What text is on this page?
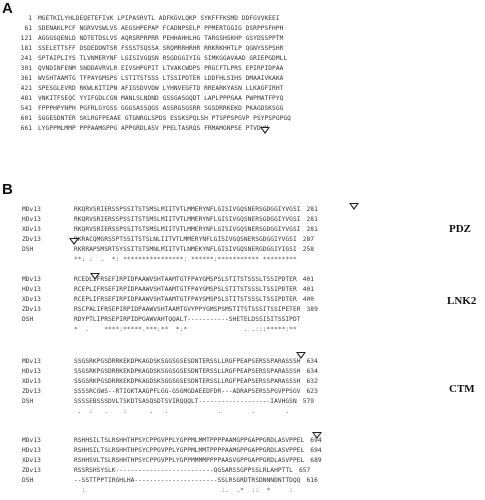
A
1 MGETKILYHLDEQETEFIVK LPIPASRVTL ADFKGVLQKP SYKFFFKSMD DDFGVVKEEI
61 SDENAKLPCF NGRVVSWLVS AEGSHPEPAP FCADNPSELP PPMERTGGIG DSRPPSFHPH
121 AGGGSQENLD NDTETDSLVS AQRSRPRPRR PEHHAHHLHG TARGSHSKHP GSYDSSPPTM
181 SSELETTSFF DSDEDDNTSR FSSSTSQSSA SRQMRRHRHR RRKRKHHTLP QGNYSSPSHR
241 SPTAIPLIYS TLVNMERYNF LGISIVGQSN RSGDGGIYIG SIMKGGAVAAD GRIEPGDMLL
301 QVNDINFENM SNDDAVRVLR EIVSHPGPIT LTVAKCWDPS PRGCFTLPRS EPIRPIDPAA
361 WVSHTAAMTG TFPAYGMSPS LSTITSTSSS LTSSIPDTER LDDFHLSIHS DMAAIVKAKA
421 SPESGLEVRD RKWLKITIPN AFIGSDVVDW LYHNVEGFTD RREARKYASN LLKAGFIRHT
481 VNKITFSEQC YYIFGDLCGN MANLSLNDND GSSGASGQDT LAPLPPPGAA PWPMATFPYQ
541 FPPPHPYNPH PGFRLGYGSS GGGSASSQGS ASSRGSGSRR SGSDRRKEKD PKAGDSKSGG
601 SGGESDNTER SKLRGFPEAAE GTGNRGLSPDS ESSKSPQLSH PTSPPSPGVP PSYPSPGPGQ
661 LYGPPMLMMP PPPAAMGPPG APPGRDLASV PPELTASRQS FRMAMGNPSE PTVDVM
B
MDv13	RKQRVSRIERSSPSSITSTSMSLMIITVTLMMERYNFLGISIVGQSNERSGDGGIYVGSI 281
HDv13	RKQRVSRIERSSPSSITSTSMSLMIITVTLMMERYNFLGISIVGQSNERSGDGGIYVGSI 281
XDv13	RKQRVSRIERSSPSSITSTSMSLMIITVTLMMERYNFLGISIVGQSNERSGDGGIYVGSI 281
ZDv13	RKRACQMGRSSPTSSITSTSLNLIITVTLMMERYNFLGISIVGQSNERSGDGGIYVGSI 287
DSH	RKRRAPSMSRTSYSSITSTSMNLMIITVTLNMEKYNFLGISIVGQSNERGDGGIYIGSI 258
**: :  .  *: ****************: ******:*********** *********
MDv13	RCEDLIFRSEFIRPIDPAAWVSHTAAMTGTFPAYGMSPSLSTITSTSSSLTSSIPDTER 401
HDv13	RCEPLIFRSEFIRPIDPAAWVSHTAAMTGTFPAYGMSPSLSTITSTSSSLTSSIPDTER 401
XDv13	RCEPLIFRSEFIRPIDPAAWVSHTAAMTGTFPAYGMSPSLSTITSTSSSLTSSIPDTER 400
ZDv13	RSCPALIFRSEPIRPIDPAAWVSHTAAMTGVYPPYGMSPSMSTITSTSSSITSSIPETER 389
DSH	RDYPTLIPRSEPIRPIDPGAWVAHTQQALT-----------SHETELDSSISITSSIPDT
*  .    ****:*****.***:**  *:*               . .:::*****:**
MDv13	SSGSRKPGSDRRKEKDPKAGDSKSGGSGSESDNTERSSLLRGFPEAPSERSSPARASSSH 634
HDv13	SSGSRKPGSDRRKEKDPKAGDSKSGGSGSESDNTERSSLLRGFPEAPSERSSPARASSSH 634
XDv13	SSGSRKPGSDRRKEKDPKAGDSKSGGSGSESDNTERSSLLRGFPEAPSERSSPARASSSH 632
ZDv13	SSSSRCGWS--RTIGKTAAGPFLGG-GSGMGDAEEDFDR---ADRAPSERSSPGVPPSGV 623
DSH	SSSSEBSSSDVLTSKDTSASQSDTSVIRQQQLT-------------------IAVHGSN 579
.  :   .    :      .   .             .        .        .
MDv13	RSHHSILTSLRSHHTHPSYCPPGVPPLYGPPMLMMTPPPPAAMGPPGAPPGRDLASVPPEL 694
HDv13	RSHHSILTSLRSHHTHPSYCPPGVPPLYGPPMLMMTPPPPAAMGPPGAPPGRDLASVPPEL 694
XDv13	RSHHSVLTSLRSHHTHPSYCPPGVPPLYGPPMMMMPPPPAASVGPPGAPPGRDLASVPPEL 689
ZDv13	RSSRSHSYSLK--------------------------QGSARSSGPPSSLRLAHPTTL 657
DSH	--SSTTPPTIRGHLHA----------------------SSLRSGRDTRSDNNNDNTTDQQ 616
:                                    :.  .*  ::  *     :
PDZ
LNK2
CTM
